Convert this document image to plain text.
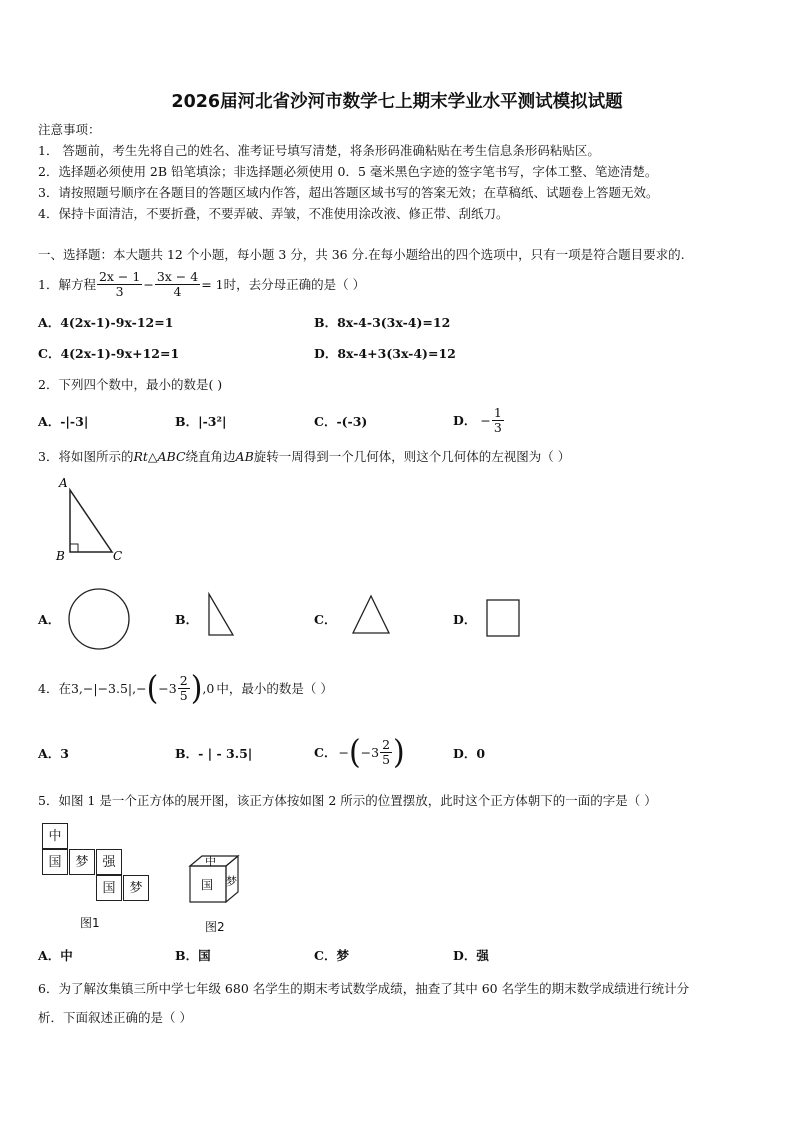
2026届河北省沙河市数学七上期末学业水平测试模拟试题
注意事项：
1． 答题前，考生先将自己的姓名、准考证号填写清楚，将条形码准确粘贴在考生信息条形码粘贴区。
2．选择题必须使用 2B 铅笔填涂；非选择题必须使用 0．5 毫米黑色字迹的签字笔书写，字体工整、笔迹清楚。
3．请按照题号顺序在各题目的答题区域内作答，超出答题区域书写的答案无效；在草稿纸、试题卷上答题无效。
4．保持卡面清洁，不要折叠，不要弄破、弄皱，不准使用涂改液、修正带、刮纸刀。
一、选择题：本大题共 12 个小题，每小题 3 分，共 36 分.在每小题给出的四个选项中，只有一项是符合题目要求的.
1．解方程 $\frac{2x - 1}{3} - \frac{3x - 4}{4} = 1$ 时，去分母正确的是（ ）
A．4(2x-1)-9x-12=1	B．8x-4-3(3x-4)=12
C．4(2x-1)-9x+12=1	D．8x-4+3(3x-4)=12
2．下列四个数中，最小的数是( )
A．-|-3|	B．|-3²|	C．-(-3)	D． − $\frac{1}{3}$
3．将如图所示的Rt△ABC绕直角边AB旋转一周得到一个几何体，则这个几何体的左视图为（ ）
A
B	C
A．	B．	C．	D．
4．在 3,−|−3.5|,− ( $-3 \frac{2}{5}$ ) ,0 中，最小的数是（ ）
A．3	B．- | - 3.5|	C． − ( $-3 \frac{2}{5}$ )	D．0
5．如图 1 是一个正方体的展开图，该正方体按如图 2 所示的位置摆放，此时这个正方体朝下的一面的字是（ ）
中
国	梦	强
国	梦
图1
中
国 梦
图2
A．中	B．国	C．梦	D．强
6．为了解汝集镇三所中学七年级 680 名学生的期末考试数学成绩，抽查了其中 60 名学生的期末数学成绩进行统计分
析．下面叙述正确的是（ ）
